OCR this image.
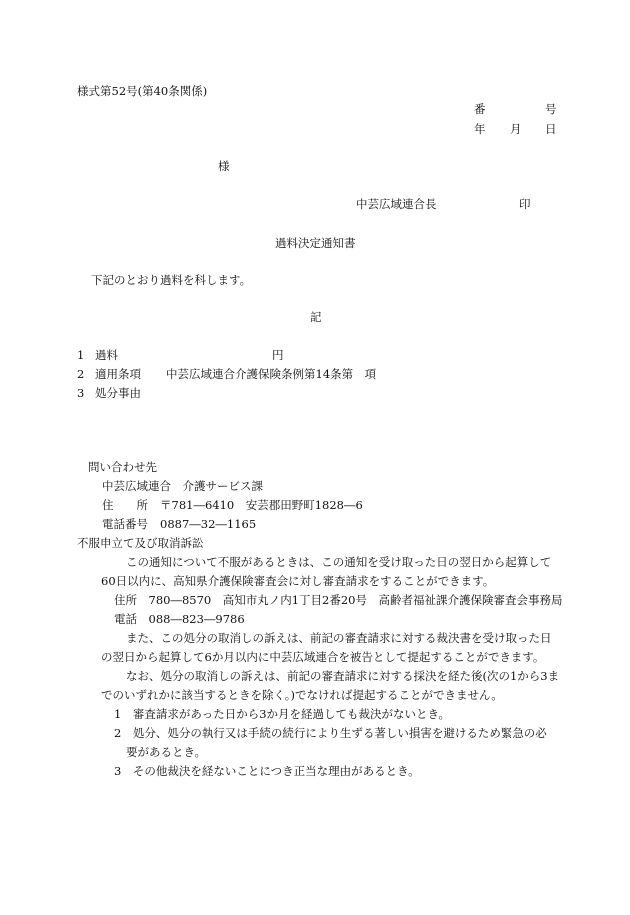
様式第52号(第40条関係)
番	号
年 月 日
様
中芸広域連合長	印
過料決定通知書
下記のとおり過料を科します。
記
1 過料	円
2 適用条項 中芸広域連合介護保険条例第14条第　項
3 処分事由
問い合わせ先
中芸広域連合　介護サービス課
住　　所 〒781―6410　安芸郡田野町1828―6
電話番号 0887―32―1165
不服申立て及び取消訴訟
この通知について不服があるときは、この通知を受け取った日の翌日から起算して
60日以内に、高知県介護保険審査会に対し審査請求をすることができます。
住所　780―8570　高知市丸ノ内1丁目2番20号　高齢者福祉課介護保険審査会事務局
電話　088―823―9786
また、この処分の取消しの訴えは、前記の審査請求に対する裁決書を受け取った日
の翌日から起算して6か月以内に中芸広域連合を被告として提起することができます。
なお、処分の取消しの訴えは、前記の審査請求に対する採決を経た後(次の1から3ま
でのいずれかに該当するときを除く。)でなければ提起することができません。
1　審査請求があった日から3か月を経過しても裁決がないとき。
2　処分、処分の執行又は手続の続行により生ずる著しい損害を避けるため緊急の必
要があるとき。
3　その他裁決を経ないことにつき正当な理由があるとき。
